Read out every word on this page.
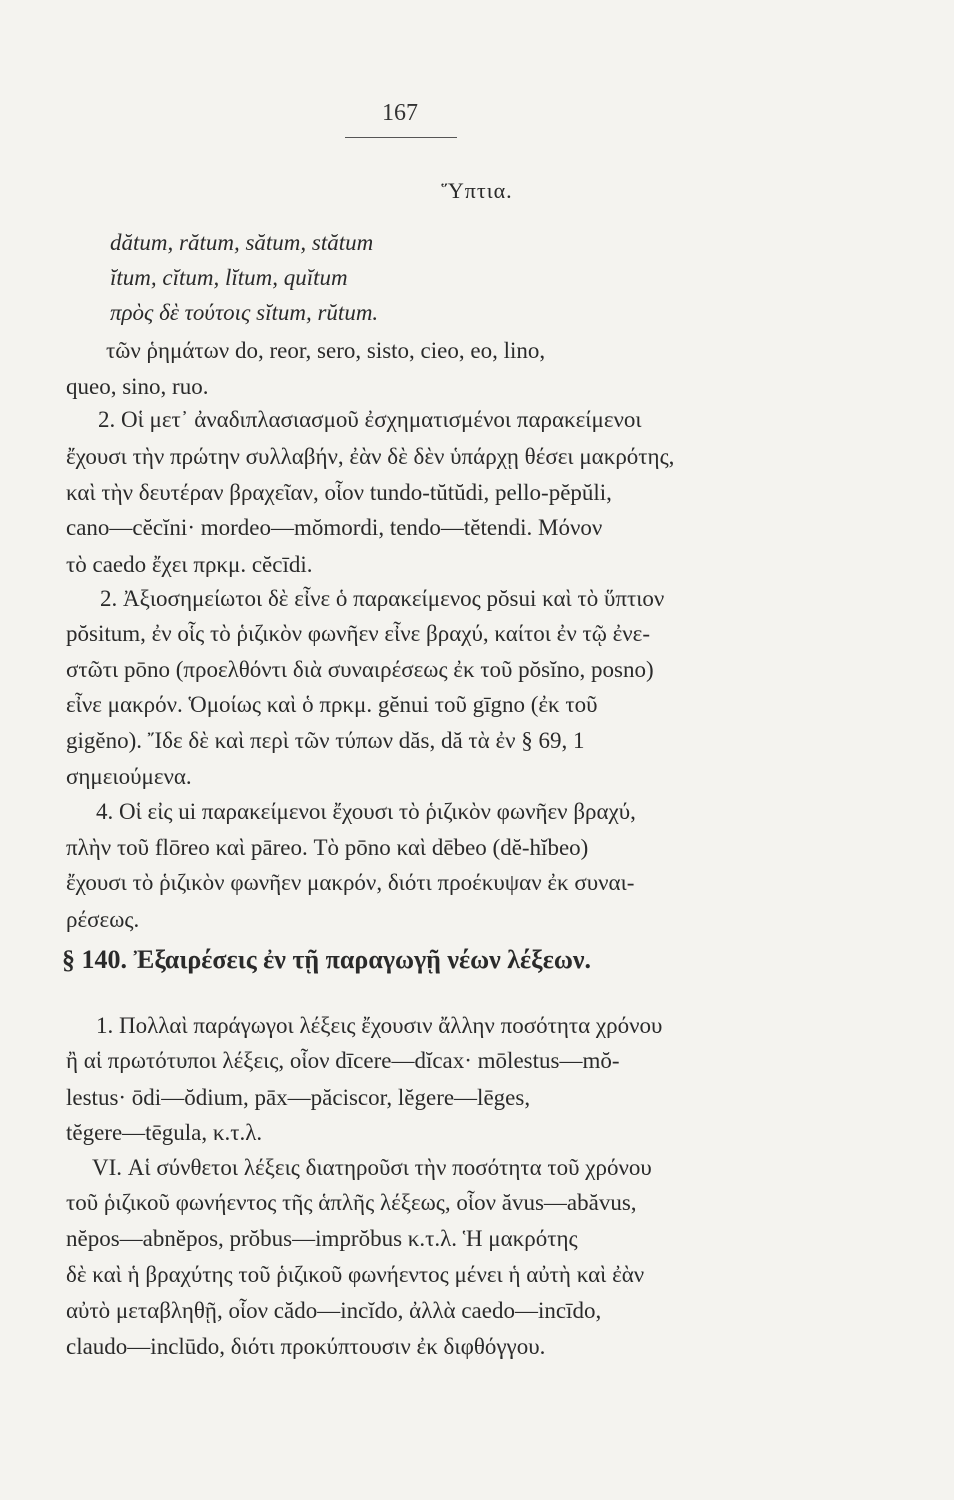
167
Ὕπτια.
dătum, rătum, sătum, stătum
ĭtum, cĭtum, lĭtum, quĭtum
πρὸς δὲ τούτοις sĭtum, rŭtum.
τῶν ῥημάτων do, reor, sero, sisto, cieo, eo, lino,
queo, sino, ruo.
2. Οἱ μετ᾽ ἀναδιπλασιασμοῦ ἐσχηματισμένοι παρακείμενοι
ἔχουσι τὴν πρώτην συλλαβήν, ἐὰν δὲ δὲν ὑπάρχῃ θέσει μακρότης,
καὶ τὴν δευτέραν βραχεῖαν, οἷον tundo-tŭtŭdi, pello-pĕpŭli,
cano—cĕcĭni· mordeo—mŏmordi, tendo—tĕtendi. Μόνον
τὸ caedo ἔχει πρκμ. cĕcīdi.
2. Ἀξιοσημείωτοι δὲ εἶνε ὁ παρακείμενος pŏsui καὶ τὸ ὕπτιον
pŏsitum, ἐν οἷς τὸ ῥιζικὸν φωνῆεν εἶνε βραχύ, καίτοι ἐν τῷ ἐνε-
στῶτι pōno (προελθόντι διὰ συναιρέσεως ἐκ τοῦ pŏsĭno, posno)
εἶνε μακρόν. Ὁμοίως καὶ ὁ πρκμ. gĕnui τοῦ gīgno (ἐκ τοῦ
gigĕno). Ἴδε δὲ καὶ περὶ τῶν τύπων dăs, dă τὰ ἐν § 69, 1
σημειούμενα.
4. Οἱ εἰς ui παρακείμενοι ἔχουσι τὸ ῥιζικὸν φωνῆεν βραχύ,
πλὴν τοῦ flōreo καὶ pāreo. Τὸ pōno καὶ dēbeo (dĕ-hĭbeo)
ἔχουσι τὸ ῥιζικὸν φωνῆεν μακρόν, διότι προέκυψαν ἐκ συναι-
ρέσεως.
§ 140. Ἐξαιρέσεις ἐν τῇ παραγωγῇ νέων λέξεων.
1. Πολλαὶ παράγωγοι λέξεις ἔχουσιν ἄλλην ποσότητα χρόνου
ἢ αἱ πρωτότυποι λέξεις, οἷον dīcere—dĭcax· mōlestus—mŏ-
lestus· ōdi—ŏdium, pāx—păciscor, lĕgere—lēges,
tĕgere—tēgula, κ.τ.λ.
VI. Αἱ σύνθετοι λέξεις διατηροῦσι τὴν ποσότητα τοῦ χρόνου
τοῦ ῥιζικοῦ φωνήεντος τῆς ἁπλῆς λέξεως, οἷον ăvus—abăvus,
nĕpos—abnĕpos, prŏbus—imprŏbus κ.τ.λ. Ἡ μακρότης
δὲ καὶ ἡ βραχύτης τοῦ ῥιζικοῦ φωνήεντος μένει ἡ αὐτὴ καὶ ἐὰν
αὐτὸ μεταβληθῇ, οἷον cădo—incĭdo, ἀλλὰ caedo—incīdo,
claudo—inclūdo, διότι προκύπτουσιν ἐκ διφθόγγου.
